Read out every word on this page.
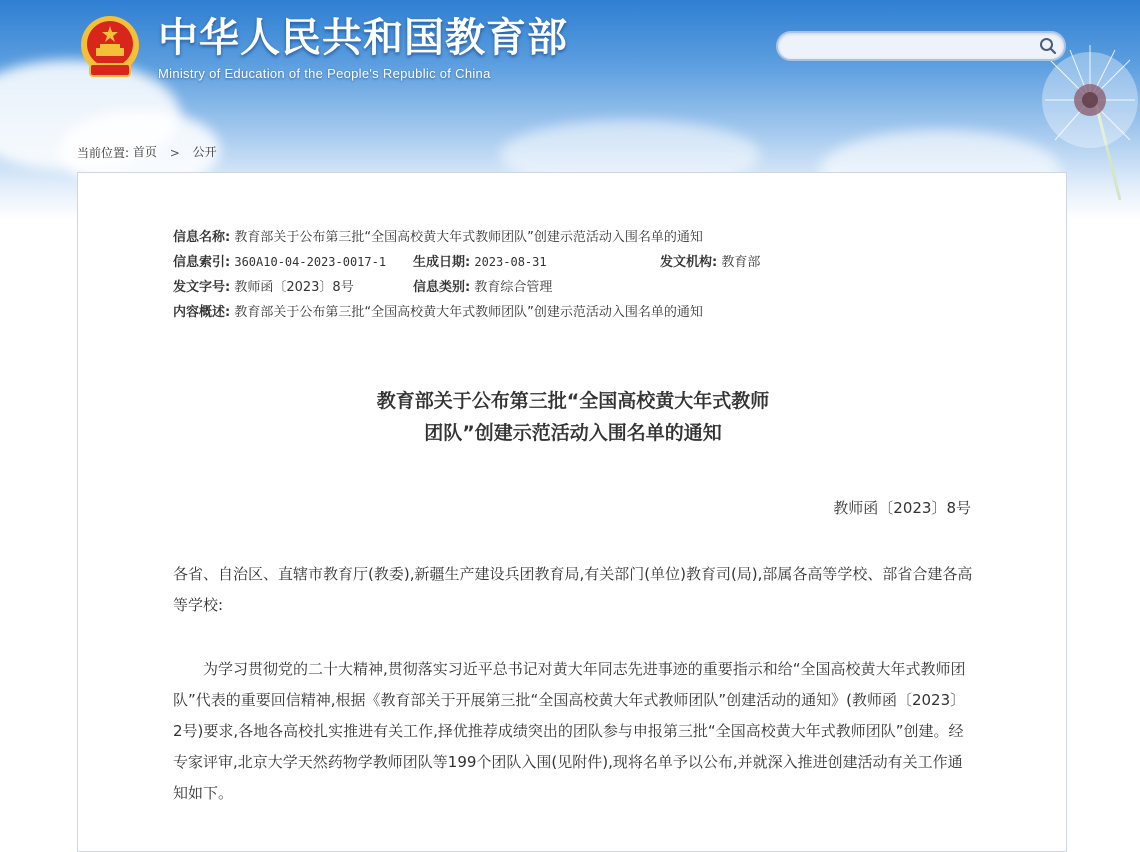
中华人民共和国教育部
Ministry of Education of the People's Republic of China
当前位置: 首页 > 公开
信息名称: 教育部关于公布第三批“全国高校黄大年式教师团队”创建示范活动入围名单的通知
信息索引: 360A10-04-2023-0017-1 生成日期: 2023-08-31	发文机构: 教育部
发文字号: 教师函〔2023〕8号	信息类别: 教育综合管理
内容概述: 教育部关于公布第三批“全国高校黄大年式教师团队”创建示范活动入围名单的通知
教育部关于公布第三批“全国高校黄大年式教师
团队”创建示范活动入围名单的通知
教师函〔2023〕8号

各省、自治区、直辖市教育厅(教委),新疆生产建设兵团教育局,有关部门(单位)教育司(局),部属各高等学校、部省合建各高等学校:

为学习贯彻党的二十大精神,贯彻落实习近平总书记对黄大年同志先进事迹的重要指示和给“全国高校黄大年式教师团队”代表的重要回信精神,根据《教育部关于开展第三批“全国高校黄大年式教师团队”创建活动的通知》(教师函〔2023〕2号)要求,各地各高校扎实推进有关工作,择优推荐成绩突出的团队参与申报第三批“全国高校黄大年式教师团队”创建。经专家评审,北京大学天然药物学教师团队等199个团队入围(见附件),现将名单予以公布,并就深入推进创建活动有关工作通知如下。
